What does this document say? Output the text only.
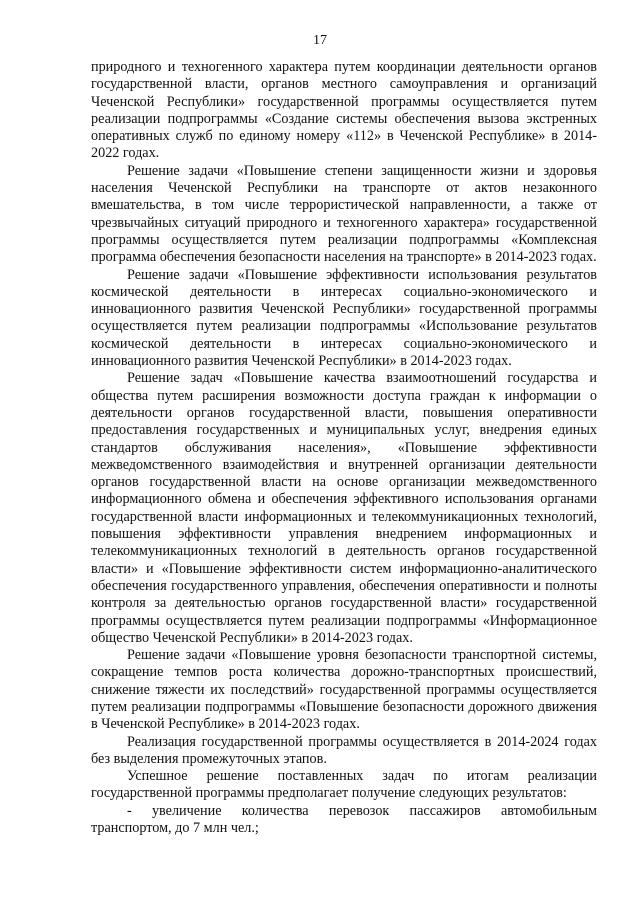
17

природного и техногенного характера путем координации деятельности органов государственной власти, органов местного самоуправления и организаций Чеченской Республики» государственной программы осуществляется путем реализации подпрограммы «Создание системы обеспечения вызова экстренных оперативных служб по единому номеру «112» в Чеченской Республике» в 2014-2022 годах.

Решение задачи «Повышение степени защищенности жизни и здоровья населения Чеченской Республики на транспорте от актов незаконного вмешательства, в том числе террористической направленности, а также от чрезвычайных ситуаций природного и техногенного характера» государственной программы осуществляется путем реализации подпрограммы «Комплексная программа обеспечения безопасности населения на транспорте» в 2014-2023 годах.

Решение задачи «Повышение эффективности использования результатов космической деятельности в интересах социально-экономического и инновационного развития Чеченской Республики» государственной программы осуществляется путем реализации подпрограммы «Использование результатов космической деятельности в интересах социально-экономического и инновационного развития Чеченской Республики» в 2014-2023 годах.

Решение задач «Повышение качества взаимоотношений государства и общества путем расширения возможности доступа граждан к информации о деятельности органов государственной власти, повышения оперативности предоставления государственных и муниципальных услуг, внедрения единых стандартов обслуживания населения», «Повышение эффективности межведомственного взаимодействия и внутренней организации деятельности органов государственной власти на основе организации межведомственного информационного обмена и обеспечения эффективного использования органами государственной власти информационных и телекоммуникационных технологий, повышения эффективности управления внедрением информационных и телекоммуникационных технологий в деятельность органов государственной власти» и «Повышение эффективности систем информационно-аналитического обеспечения государственного управления, обеспечения оперативности и полноты контроля за деятельностью органов государственной власти» государственной программы осуществляется путем реализации подпрограммы «Информационное общество Чеченской Республики» в 2014-2023 годах.

Решение задачи «Повышение уровня безопасности транспортной системы, сокращение темпов роста количества дорожно-транспортных происшествий, снижение тяжести их последствий» государственной программы осуществляется путем реализации подпрограммы «Повышение безопасности дорожного движения в Чеченской Республике» в 2014-2023 годах.

Реализация государственной программы осуществляется в 2014-2024 годах без выделения промежуточных этапов.

Успешное решение поставленных задач по итогам реализации государственной программы предполагает получение следующих результатов:

- увеличение количества перевозок пассажиров автомобильным транспортом, до 7 млн чел.;
